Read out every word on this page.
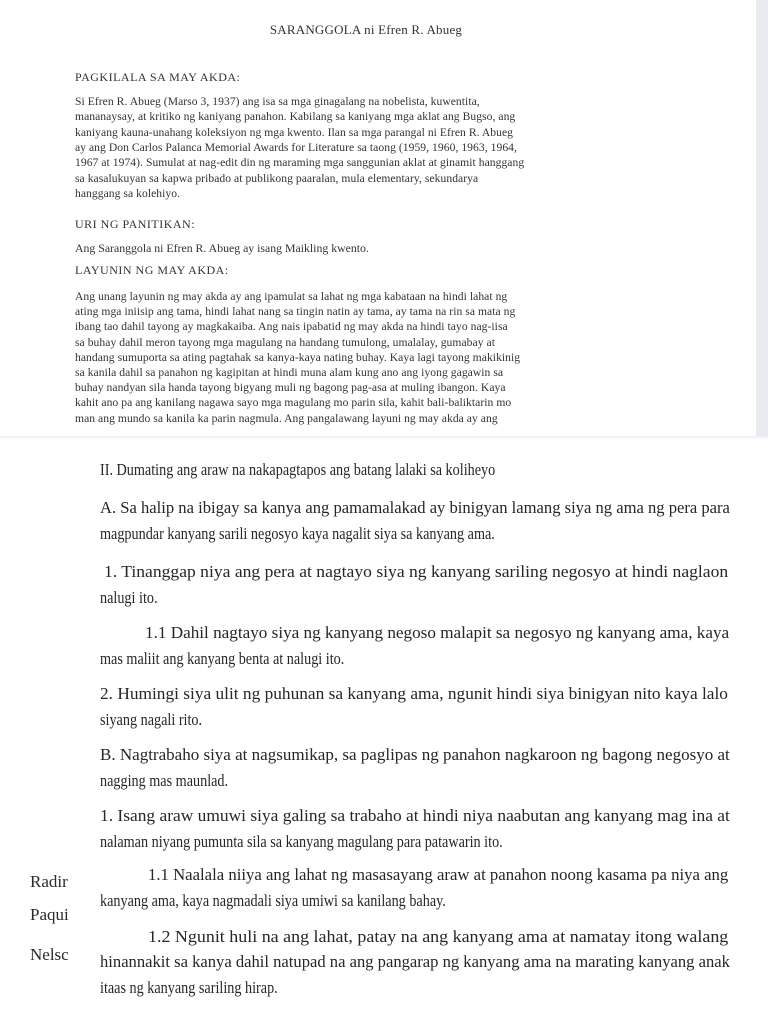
SARANGGOLA ni Efren R. Abueg
PAGKILALA SA MAY AKDA:
Si Efren R. Abueg (Marso 3, 1937) ang isa sa mga ginagalang na nobelista, kuwentita,
mananaysay, at kritiko ng kaniyang panahon. Kabilang sa kaniyang mga aklat ang Bugso, ang
kaniyang kauna-unahang koleksiyon ng mga kwento. Ilan sa mga parangal ni Efren R. Abueg
ay ang Don Carlos Palanca Memorial Awards for Literature sa taong (1959, 1960, 1963, 1964,
1967 at 1974). Sumulat at nag-edit din ng maraming mga sanggunian aklat at ginamit hanggang
sa kasalukuyan sa kapwa pribado at publikong paaralan, mula elementary, sekundarya
hanggang sa kolehiyo.
URI NG PANITIKAN:
Ang Saranggola ni Efren R. Abueg ay isang Maikling kwento.
LAYUNIN NG MAY AKDA:
Ang unang layunin ng may akda ay ang ipamulat sa lahat ng mga kabataan na hindi lahat ng
ating mga iniisip ang tama, hindi lahat nang sa tingin natin ay tama, ay tama na rin sa mata ng
ibang tao dahil tayong ay magkakaiba. Ang nais ipabatid ng may akda na hindi tayo nag-iisa
sa buhay dahil meron tayong mga magulang na handang tumulong, umalalay, gumabay at
handang sumuporta sa ating pagtahak sa kanya-kaya nating buhay. Kaya lagi tayong makikinig
sa kanila dahil sa panahon ng kagipitan at hindi muna alam kung ano ang iyong gagawin sa
buhay nandyan sila handa tayong bigyang muli ng bagong pag-asa at muling ibangon. Kaya
kahit ano pa ang kanilang nagawa sayo mga magulang mo parin sila, kahit bali-baliktarin mo
man ang mundo sa kanila ka parin nagmula. Ang pangalawang layuni ng may akda ay ang
II. Dumating ang araw na nakapagtapos ang batang lalaki sa koliheyo
A. Sa halip na ibigay sa kanya ang pamamalakad ay binigyan lamang siya ng ama ng pera para
magpundar kanyang sarili negosyo kaya nagalit siya sa kanyang ama.
1. Tinanggap niya ang pera at nagtayo siya ng kanyang sariling negosyo at hindi naglaon
nalugi ito.
1.1 Dahil nagtayo siya ng kanyang negoso malapit sa negosyo ng kanyang ama, kaya
mas maliit ang kanyang benta at nalugi ito.
2. Humingi siya ulit ng puhunan sa kanyang ama, ngunit hindi siya binigyan nito kaya lalo
siyang nagali rito.
B. Nagtrabaho siya at nagsumikap, sa paglipas ng panahon nagkaroon ng bagong negosyo at
nagging mas maunlad.
1. Isang araw umuwi siya galing sa trabaho at hindi niya naabutan ang kanyang mag ina at
nalaman niyang pumunta sila sa kanyang magulang para patawarin ito.
1.1 Naalala niiya ang lahat ng masasayang araw at panahon noong kasama pa niya ang
kanyang ama, kaya nagmadali siya umiwi sa kanilang bahay.
1.2 Ngunit huli na ang lahat, patay na ang kanyang ama at namatay itong walang
hinannakit sa kanya dahil natupad na ang pangarap ng kanyang ama na marating kanyang anak
itaas ng kanyang sariling hirap.
Radir
Paqui
Nelsc
